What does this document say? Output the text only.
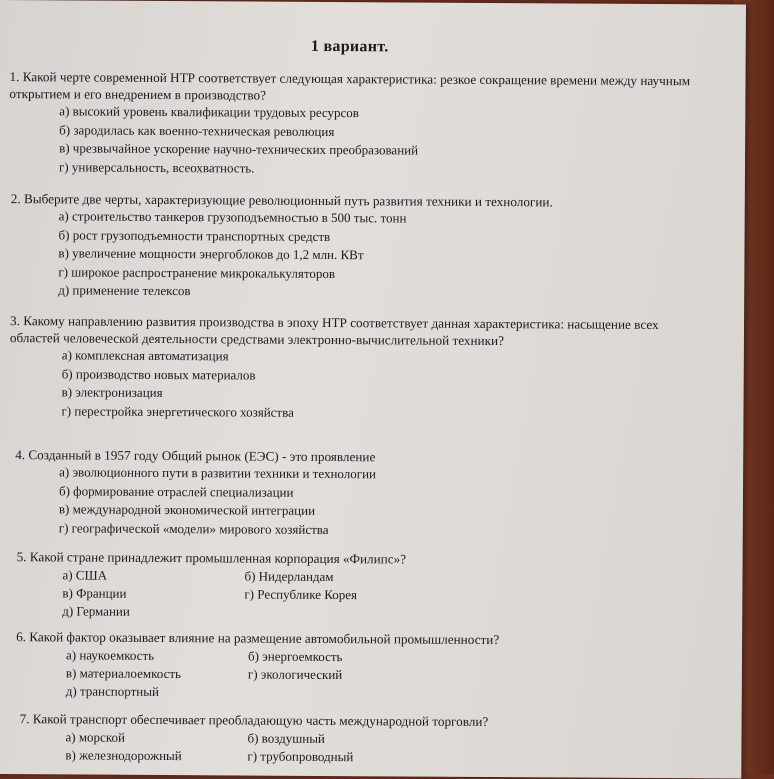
1 вариант.
1. Какой черте современной НТР соответствует следующая характеристика: резкое сокращение времени между научным открытием и его внедрением в производство?
а) высокий уровень квалификации трудовых ресурсов
б) зародилась как военно-техническая революция
в) чрезвычайное ускорение научно-технических преобразований
г) универсальность, всеохватность.
2. Выберите две черты, характеризующие революционный путь развития техники и технологии.
а) строительство танкеров грузоподъемностью в 500 тыс. тонн
б) рост грузоподъемности транспортных средств
в) увеличение мощности энергоблоков до 1,2 млн. КВт
г) широкое распространение микрокалькуляторов
д) применение телексов
3. Какому направлению развития производства в эпоху НТР соответствует данная характеристика: насыщение всех областей человеческой деятельности средствами электронно-вычислительной техники?
а) комплексная автоматизация
б) производство новых материалов
в) электронизация
г) перестройка энергетического хозяйства
4. Созданный в 1957 году Общий рынок (ЕЭС) - это проявление
а) эволюционного пути в развитии техники и технологии
б) формирование отраслей специализации
в) международной экономической интеграции
г) географической «модели» мирового хозяйства
5. Какой стране принадлежит промышленная корпорация «Филипс»?
а) США	б) Нидерландам
в) Франции	г) Республике Корея
д) Германии
6. Какой фактор оказывает влияние на размещение автомобильной промышленности?
а) наукоемкость	б) энергоемкость
в) материалоемкость	г) экологический
д) транспортный
7. Какой транспорт обеспечивает преобладающую часть международной торговли?
а) морской	б) воздушный
в) железнодорожный	г) трубопроводный
